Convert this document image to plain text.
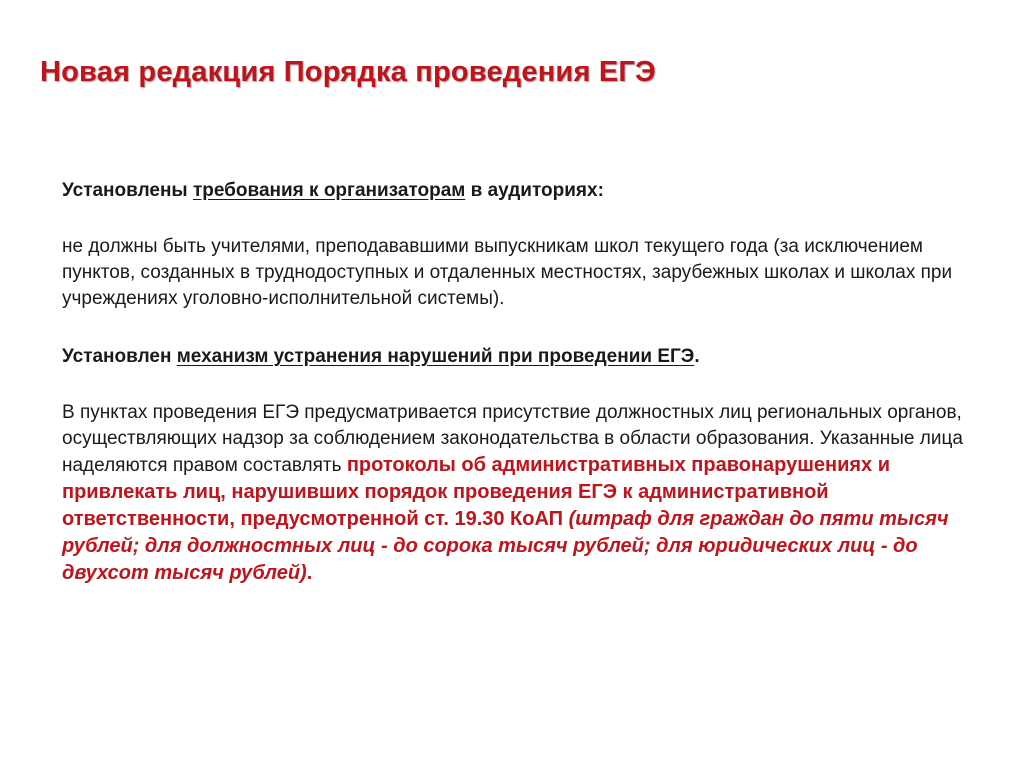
Новая редакция Порядка проведения ЕГЭ

Установлены требования к организаторам в аудиториях:

не должны быть учителями, преподававшими выпускникам школ текущего года (за исключением пунктов, созданных в труднодоступных и отдаленных местностях, зарубежных школах и школах при учреждениях уголовно-исполнительной системы).

Установлен механизм устранения нарушений при проведении ЕГЭ.

В пунктах проведения ЕГЭ предусматривается присутствие должностных лиц региональных органов, осуществляющих надзор за соблюдением законодательства в области образования. Указанные лица наделяются правом составлять протоколы об административных правонарушениях и привлекать лиц, нарушивших порядок проведения ЕГЭ к административной ответственности, предусмотренной ст. 19.30 КоАП (штраф для граждан до пяти тысяч рублей; для должностных лиц - до сорока тысяч рублей; для юридических лиц - до двухсот тысяч рублей).
